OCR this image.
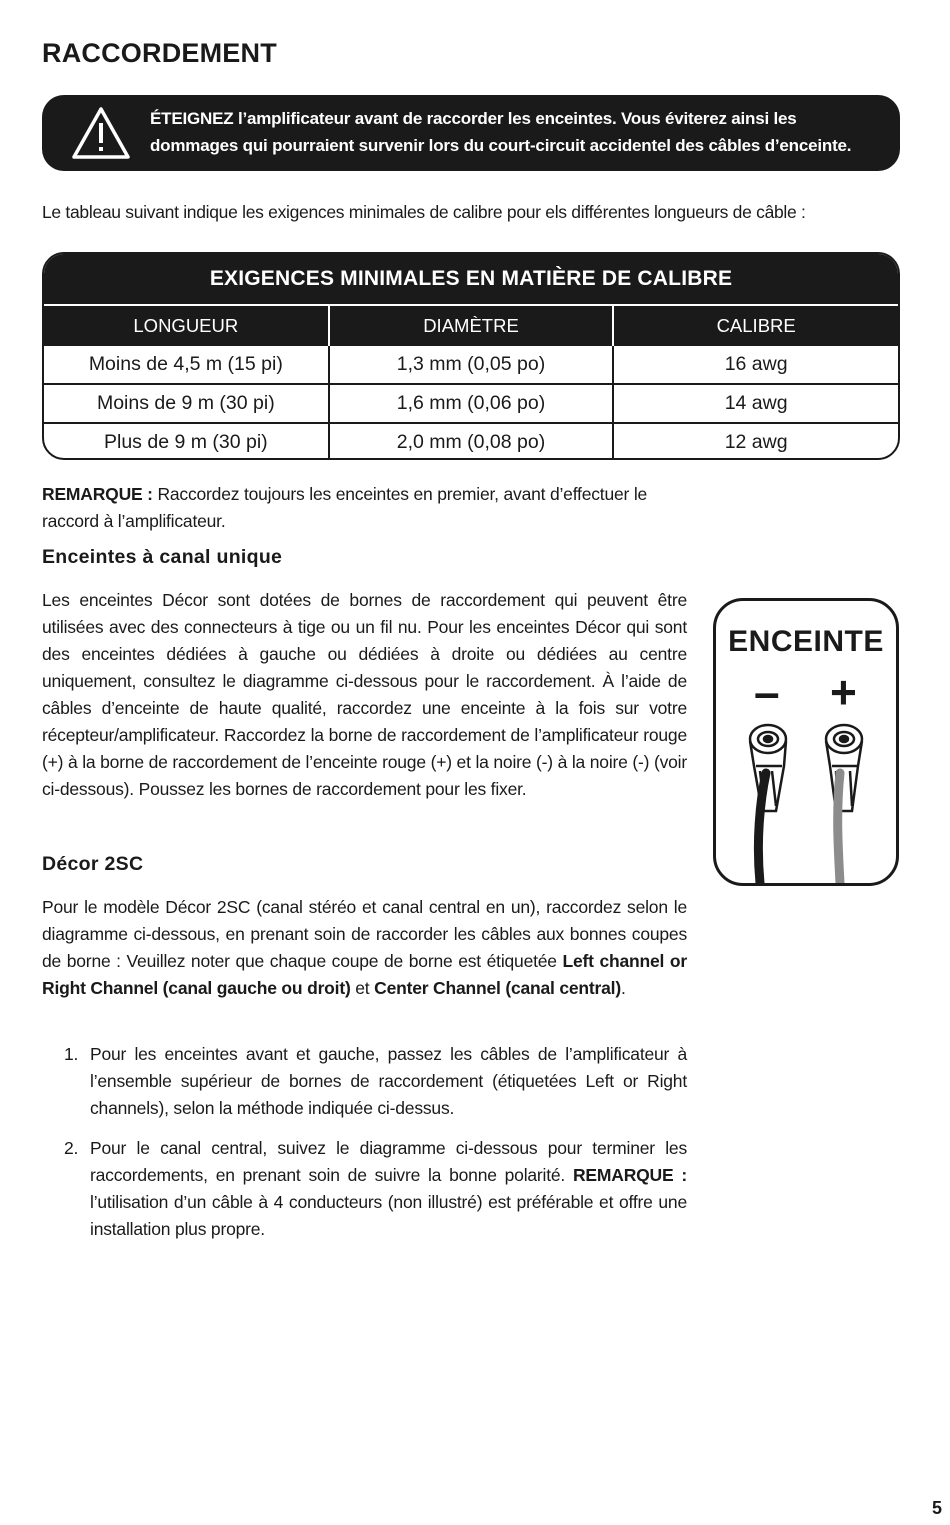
RACCORDEMENT
ÉTEIGNEZ l’amplificateur avant de raccorder les enceintes. Vous éviterez ainsi les dommages qui pourraient survenir lors du court-circuit accidentel des câbles d’enceinte.

Le tableau suivant indique les exigences minimales de calibre pour els différentes longueurs de câble :

EXIGENCES MINIMALES EN MATIÈRE DE CALIBRE
LONGUEUR	DIAMÈTRE	CALIBRE
Moins de 4,5 m (15 pi)	1,3 mm (0,05 po)	16 awg
Moins de 9 m (30 pi)	1,6 mm (0,06 po)	14 awg
Plus de 9 m (30 pi)	2,0 mm (0,08 po)	12 awg

REMARQUE : Raccordez toujours les enceintes en premier, avant d’effectuer le raccord à l’amplificateur.

Enceintes à canal unique

Les enceintes Décor sont dotées de bornes de raccordement qui peuvent être utilisées avec des connecteurs à tige ou un fil nu. Pour les enceintes Décor qui sont des enceintes dédiées à gauche ou dédiées à droite ou dédiées au centre uniquement, consultez le diagramme ci-dessous pour le raccordement. À l’aide de câbles d’enceinte de haute qualité, raccordez une enceinte à la fois sur votre récepteur/amplificateur. Raccordez la borne de raccordement de l’amplificateur rouge (+) à la borne de raccordement de l’enceinte rouge (+) et la noire (-) à la noire (-) (voir ci-dessous). Poussez les bornes de raccordement pour les fixer.

ENCEINTE
– +
Décor 2SC

Pour le modèle Décor 2SC (canal stéréo et canal central en un), raccordez selon le diagramme ci-dessous, en prenant soin de raccorder les câbles aux bonnes coupes de borne : Veuillez noter que chaque coupe de borne est étiquetée Left channel or Right Channel (canal gauche ou droit) et Center Channel (canal central).

1. Pour les enceintes avant et gauche, passez les câbles de l’amplificateur à l’ensemble supérieur de bornes de raccordement (étiquetées Left or Right channels), selon la méthode indiquée ci-dessus.
2. Pour le canal central, suivez le diagramme ci-dessous pour terminer les raccordements, en prenant soin de suivre la bonne polarité. REMARQUE : l’utilisation d’un câble à 4 conducteurs (non illustré) est préférable et offre une installation plus propre.
5
